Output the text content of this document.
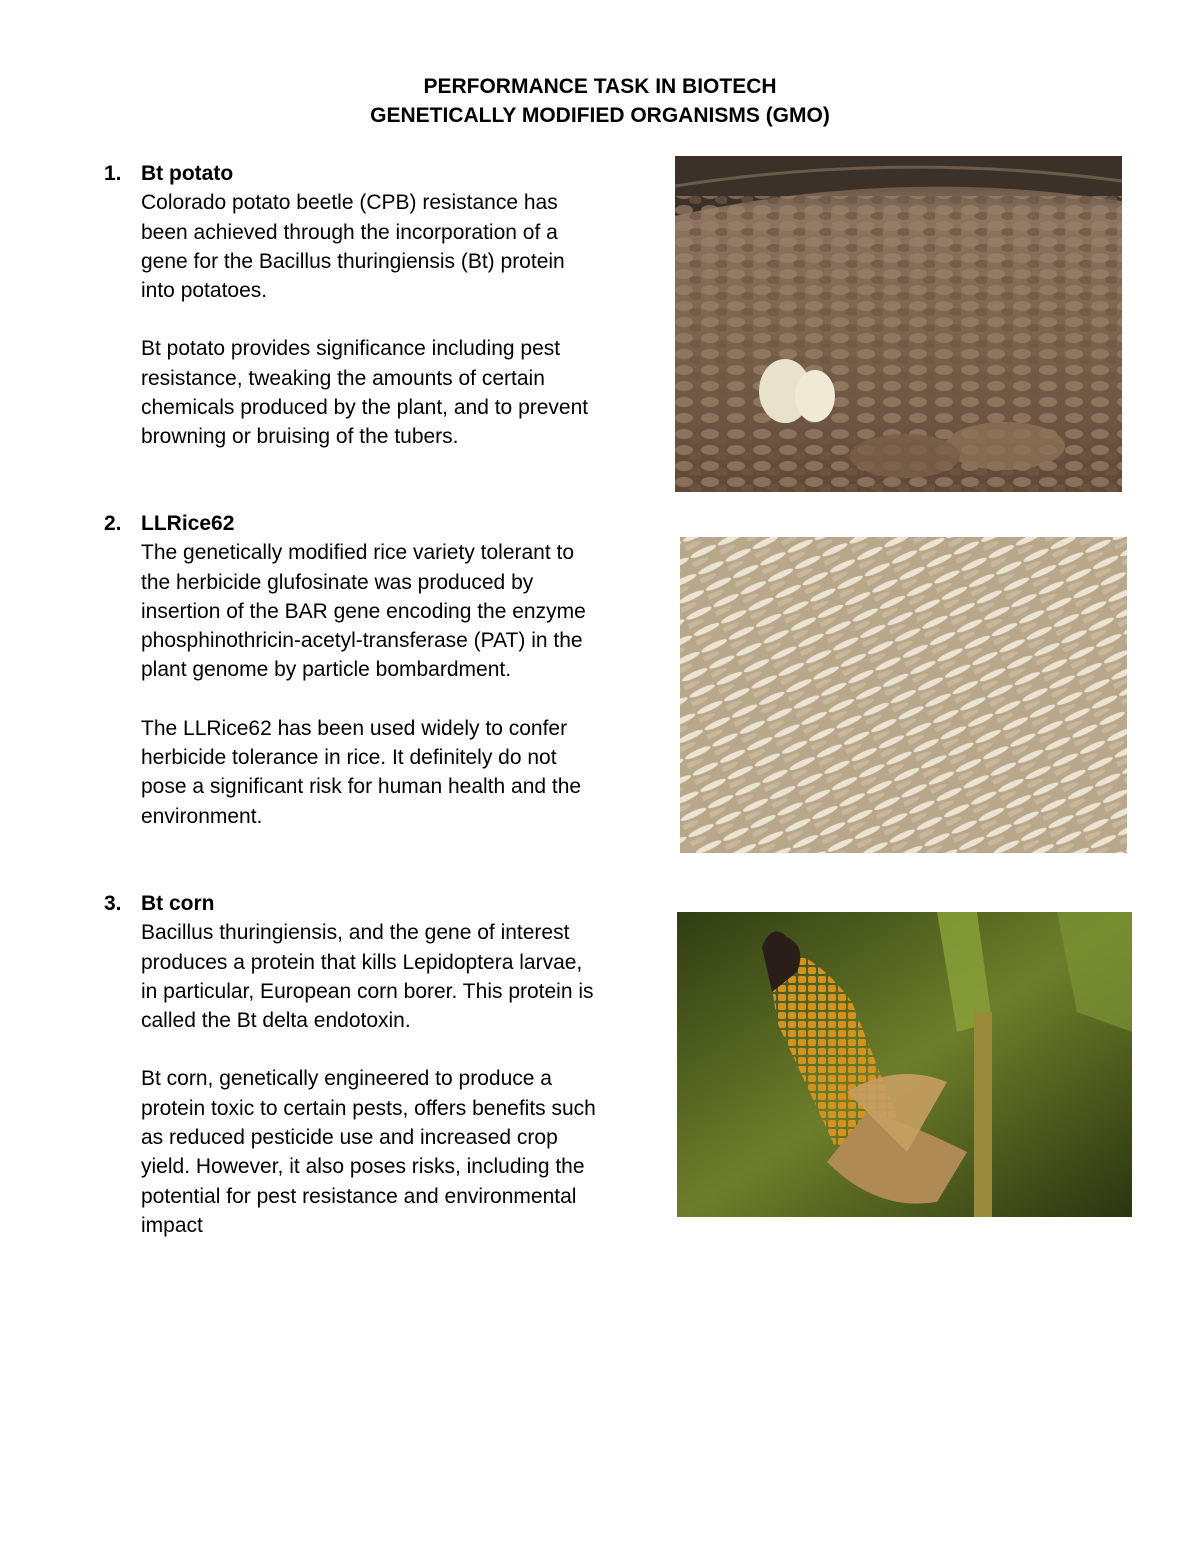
PERFORMANCE TASK IN BIOTECH
GENETICALLY MODIFIED ORGANISMS (GMO)
1. Bt potato
Colorado potato beetle (CPB) resistance has
been achieved through the incorporation of a
gene for the Bacillus thuringiensis (Bt) protein
into potatoes.
Bt potato provides significance including pest
resistance, tweaking the amounts of certain
chemicals produced by the plant, and to prevent
browning or bruising of the tubers.
2. LLRice62
The genetically modified rice variety tolerant to
the herbicide glufosinate was produced by
insertion of the BAR gene encoding the enzyme
phosphinothricin-acetyl-transferase (PAT) in the
plant genome by particle bombardment.
The LLRice62 has been used widely to confer
herbicide tolerance in rice. It definitely do not
pose a significant risk for human health and the
environment.
3. Bt corn
Bacillus thuringiensis, and the gene of interest
produces a protein that kills Lepidoptera larvae,
in particular, European corn borer. This protein is
called the Bt delta endotoxin.
Bt corn, genetically engineered to produce a
protein toxic to certain pests, offers benefits such
as reduced pesticide use and increased crop
yield. However, it also poses risks, including the
potential for pest resistance and environmental
impact
